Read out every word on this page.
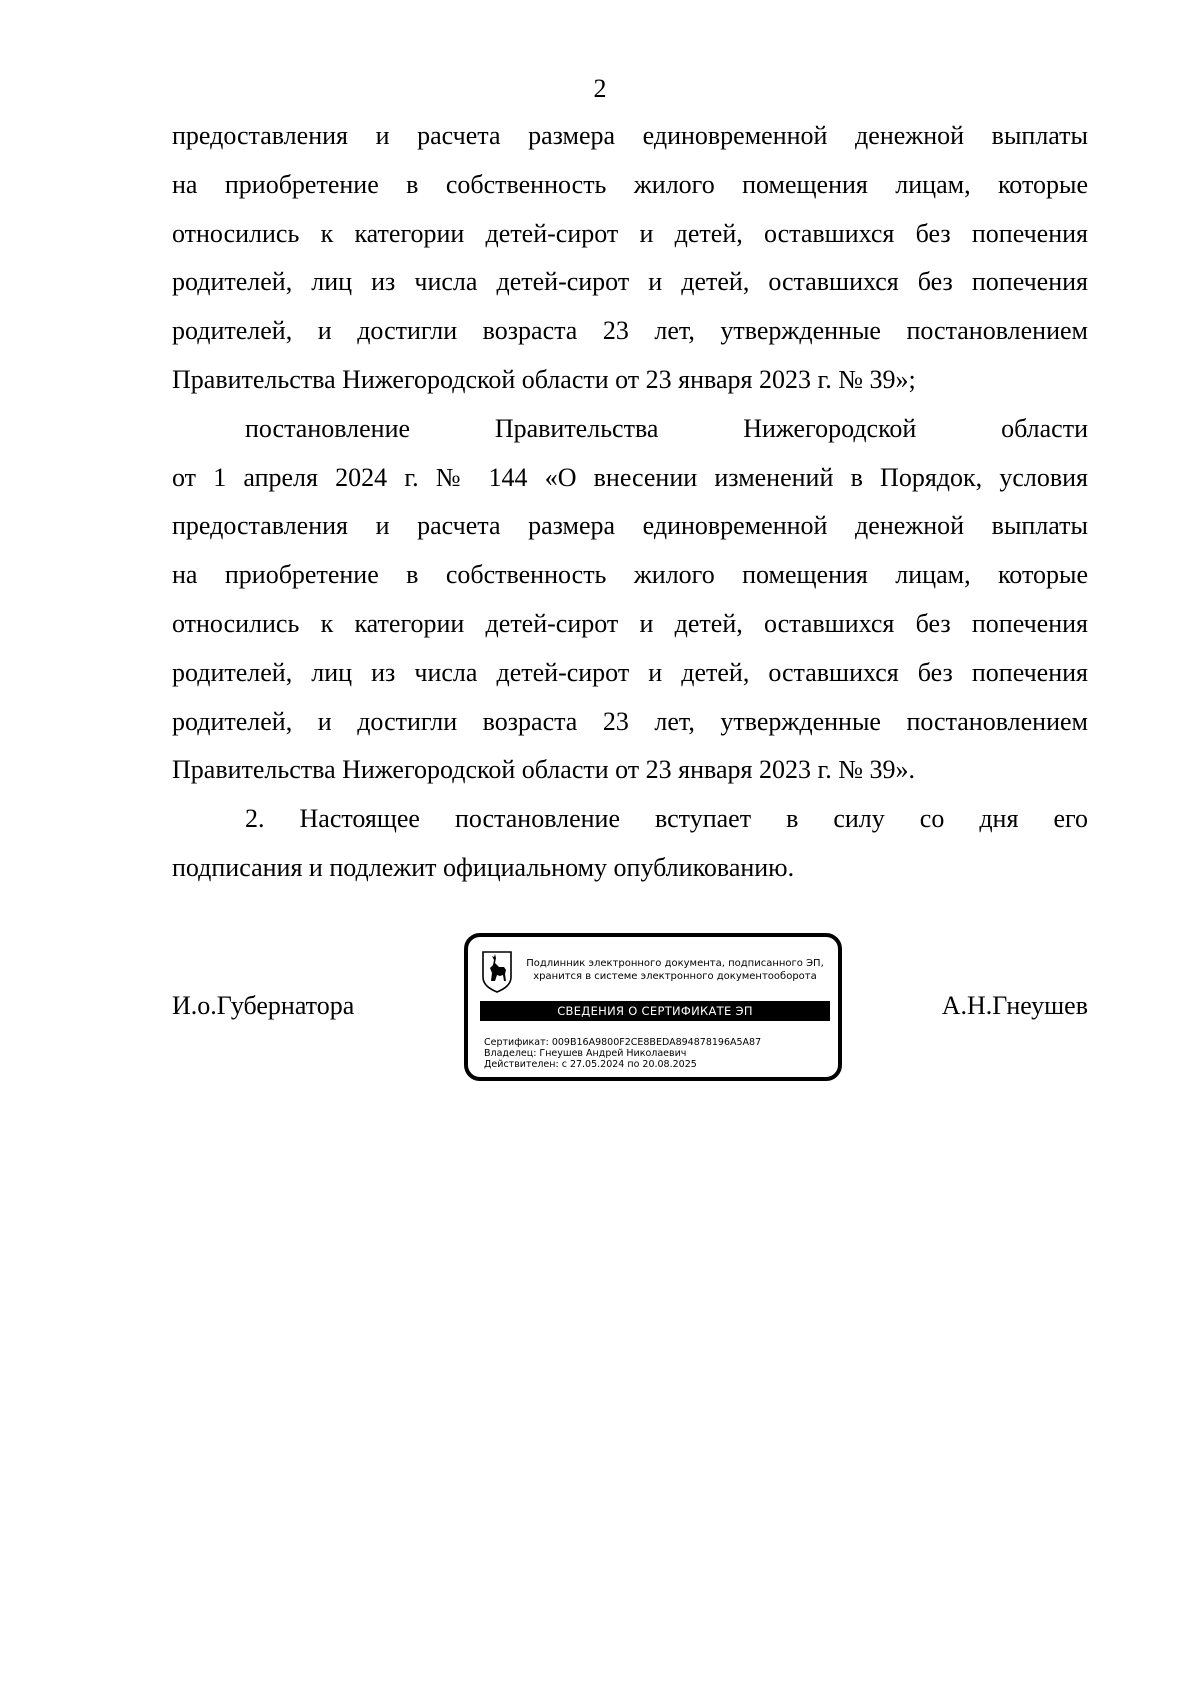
2
предоставления и расчета размера единовременной денежной выплаты
на приобретение в собственность жилого помещения лицам, которые
относились к категории детей-сирот и детей, оставшихся без попечения
родителей, лиц из числа детей-сирот и детей, оставшихся без попечения
родителей, и достигли возраста 23 лет, утвержденные постановлением
Правительства Нижегородской области от 23 января 2023 г. № 39»;
постановление Правительства Нижегородской области
от 1 апреля 2024 г. № 144 «О внесении изменений в Порядок, условия
предоставления и расчета размера единовременной денежной выплаты
на приобретение в собственность жилого помещения лицам, которые
относились к категории детей-сирот и детей, оставшихся без попечения
родителей, лиц из числа детей-сирот и детей, оставшихся без попечения
родителей, и достигли возраста 23 лет, утвержденные постановлением
Правительства Нижегородской области от 23 января 2023 г. № 39».
2. Настоящее постановление вступает в силу со дня его
подписания и подлежит официальному опубликованию.
И.о.Губернатора
Подлинник электронного документа, подписанного ЭП,
хранится в системе электронного документооборота
СВЕДЕНИЯ О СЕРТИФИКАТЕ ЭП
Сертификат: 009B16A9800F2CE8BEDA894878196A5A87
Владелец: Гнеушев Андрей Николаевич
Действителен: с 27.05.2024 по 20.08.2025
А.Н.Гнеушев
